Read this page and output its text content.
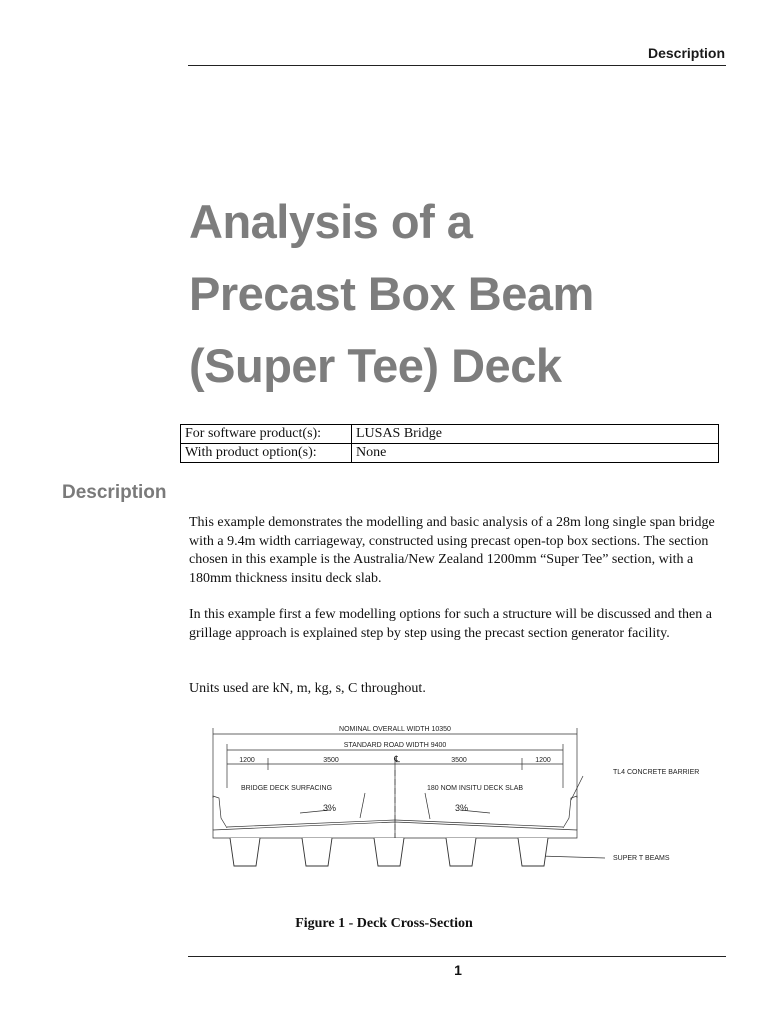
Description
Analysis of a
Precast Box Beam
(Super Tee) Deck
For software product(s):	LUSAS Bridge
With product option(s):	None
Description
This example demonstrates the modelling and basic analysis of a 28m long single span bridge with a 9.4m width carriageway, constructed using precast open-top box sections. The section chosen in this example is the Australia/New Zealand 1200mm “Super Tee” section, with a 180mm thickness insitu deck slab.
In this example first a few modelling options for such a structure will be discussed and then a grillage approach is explained step by step using the precast section generator facility.
Units used are kN, m, kg, s, C throughout.
NOMINAL OVERALL WIDTH 10350
STANDARD ROAD WIDTH 9400
1200	3500	℄	3500	1200
BRIDGE DECK SURFACING	180 NOM INSITU DECK SLAB
TL4 CONCRETE BARRIER
3%	3%
SUPER T BEAMS
Figure 1 - Deck Cross-Section
1
